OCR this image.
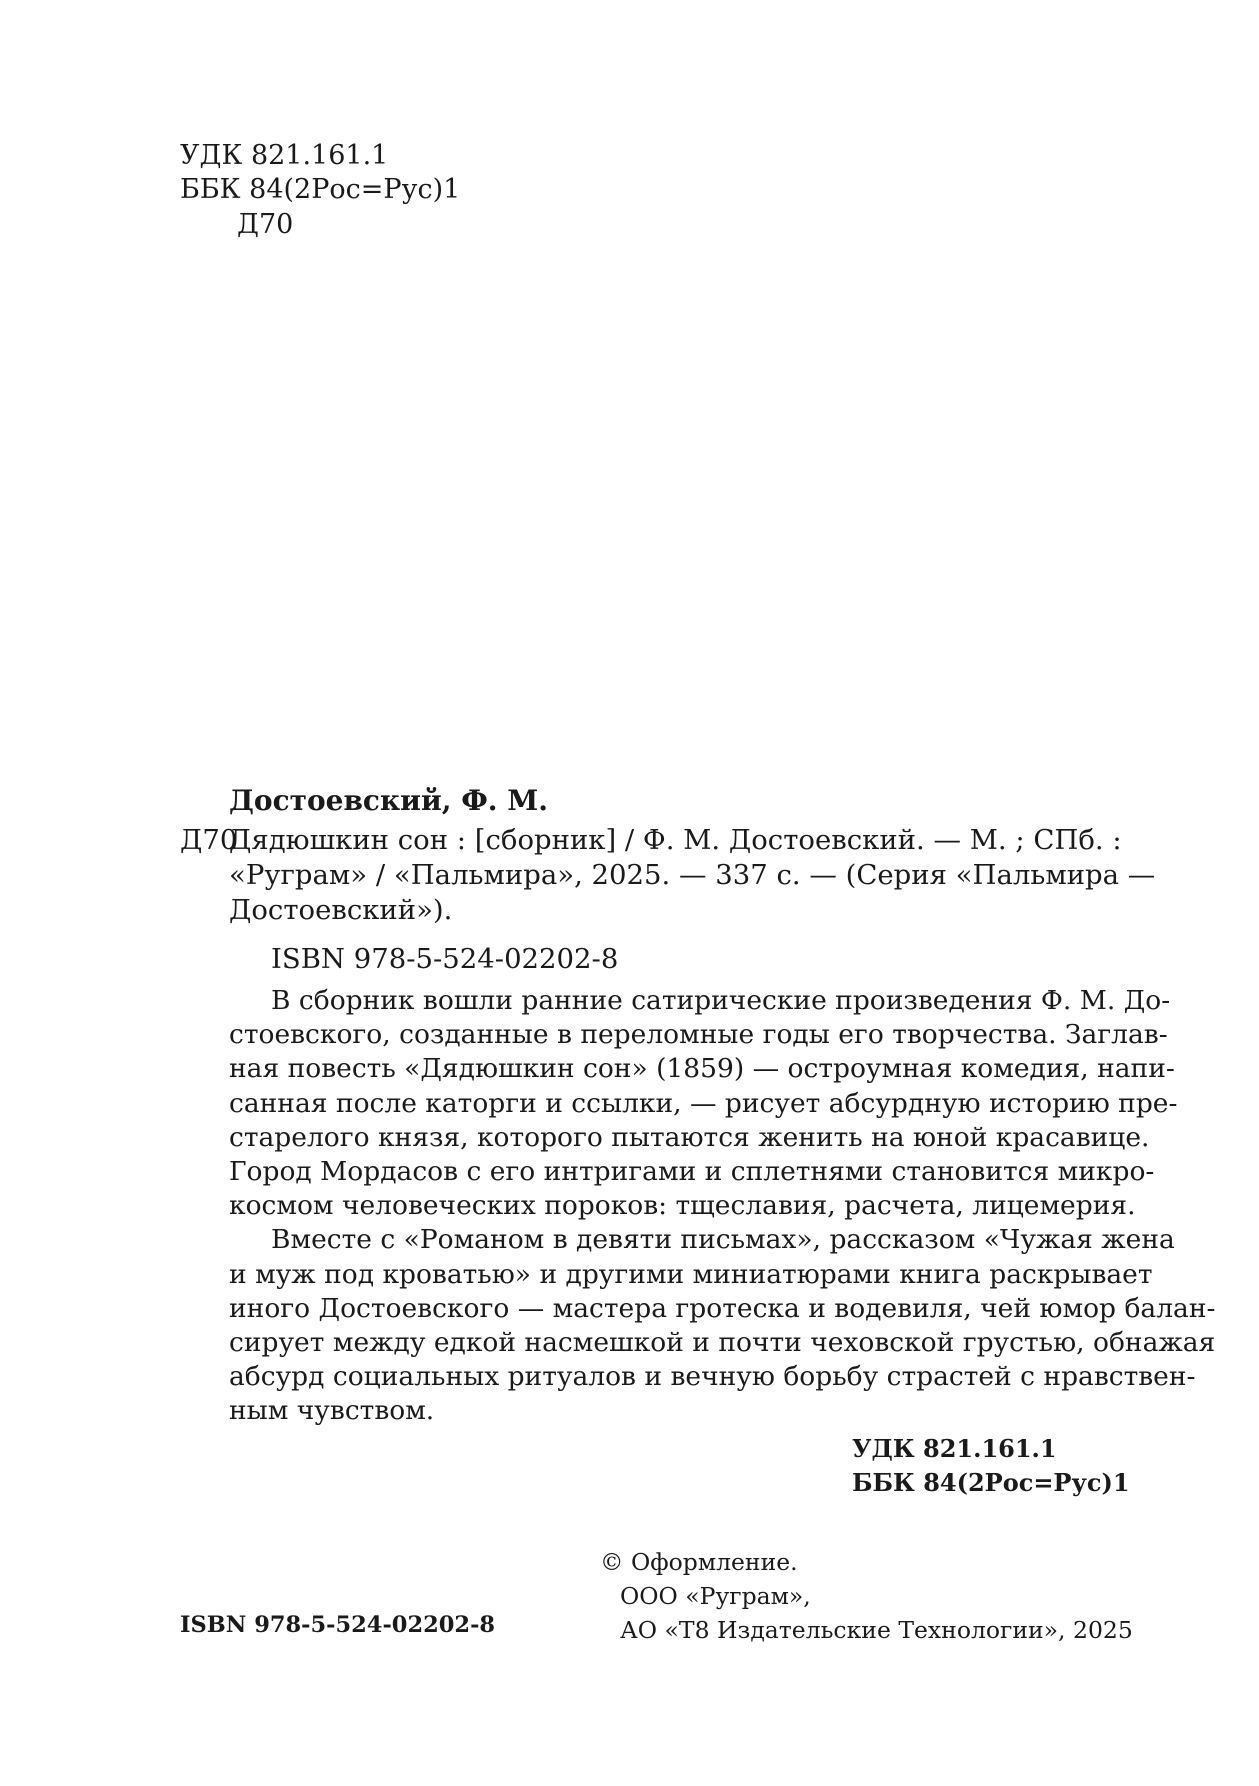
УДК 821.161.1
ББК 84(2Рос=Рус)1
Д70
Достоевский, Ф. М.
Д70
Дядюшкин сон : [сборник] / Ф. М. Достоевский. — М. ; СПб. :
«Руграм» / «Пальмира», 2025. — 337 с. — (Серия «Пальмира —
Достоевский»).
ISBN 978-5-524-02202-8
В сборник вошли ранние сатирические произведения Ф. М. До-
стоевского, созданные в переломные годы его творчества. Заглав-
ная повесть «Дядюшкин сон» (1859) — остроумная комедия, напи-
санная после каторги и ссылки, — рисует абсурдную историю пре-
старелого князя, которого пытаются женить на юной красавице.
Город Мордасов с его интригами и сплетнями становится микро-
космом человеческих пороков: тщеславия, расчета, лицемерия.
Вместе с «Романом в девяти письмах», рассказом «Чужая жена
и муж под кроватью» и другими миниатюрами книга раскрывает
иного Достоевского — мастера гротеска и водевиля, чей юмор балан-
сирует между едкой насмешкой и почти чеховской грустью, обнажая
абсурд социальных ритуалов и вечную борьбу страстей с нравствен-
ным чувством.
УДК 821.161.1
ББК 84(2Рос=Рус)1
© Оформление.
ООО «Руграм»,
АО «Т8 Издательские Технологии», 2025
ISBN 978-5-524-02202-8
